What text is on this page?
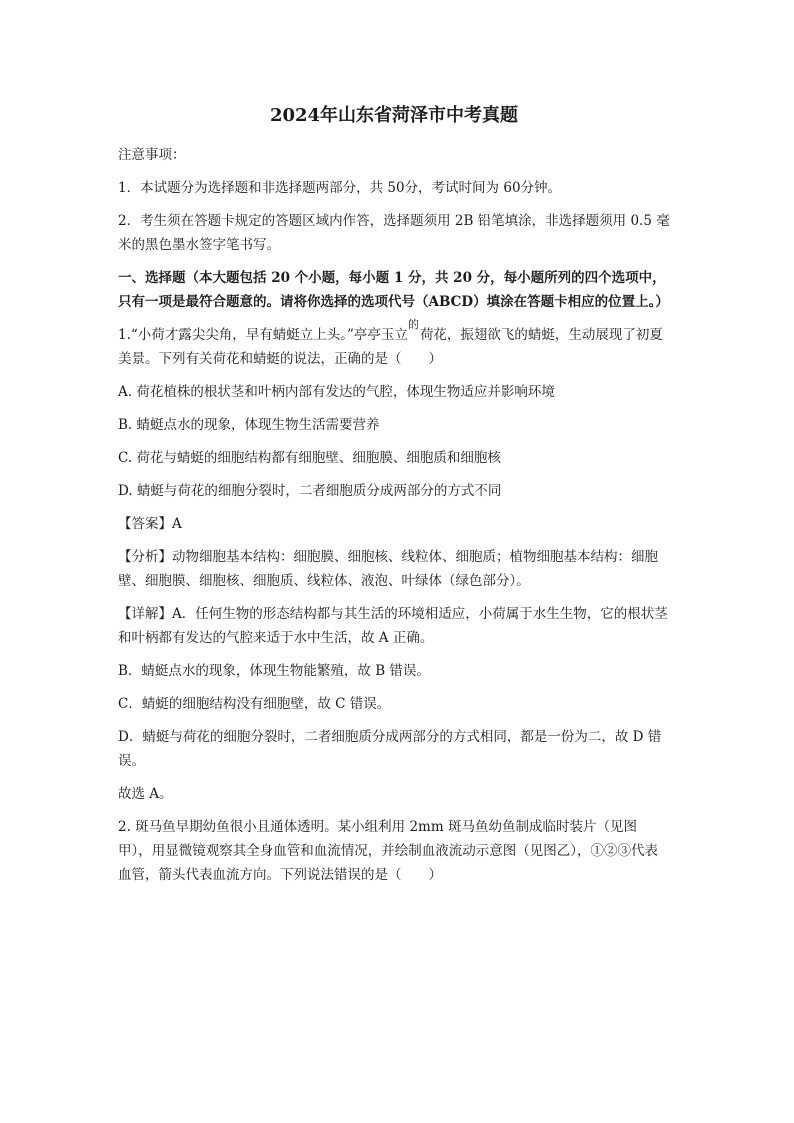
2024年山东省菏泽市中考真题
注意事项：
1．本试题分为选择题和非选择题两部分，共 50分，考试时间为 60分钟。
2．考生须在答题卡规定的答题区域内作答，选择题须用 2B 铅笔填涂，非选择题须用 0.5 毫米的黑色墨水签字笔书写。
一、选择题（本大题包括 20 个小题，每小题 1 分，共 20 分，每小题所列的四个选项中，只有一项是最符合题意的。请将你选择的选项代号（ABCD）填涂在答题卡相应的位置上。）
1.“小荷才露尖尖角，早有蜻蜓立上头。”亭亭玉立
的
荷花，振翅欲飞的蜻蜓，生动展现了初夏美景。下列有关荷花和蜻蜓的说法，正确的是（　　）
A. 荷花植株的根状茎和叶柄内部有发达的气腔，体现生物适应并影响环境
B. 蜻蜓点水的现象，体现生物生活需要营养
C. 荷花与蜻蜓的细胞结构都有细胞壁、细胞膜、细胞质和细胞核
D. 蜻蜓与荷花的细胞分裂时，二者细胞质分成两部分的方式不同
【答案】A
【分析】动物细胞基本结构：细胞膜、细胞核、线粒体、细胞质；植物细胞基本结构：细胞壁、细胞膜、细胞核、细胞质、线粒体、液泡、叶绿体（绿色部分）。
【详解】A．任何生物的形态结构都与其生活的环境相适应，小荷属于水生生物，它的根状茎和叶柄都有发达的气腔来适于水中生活，故 A 正确。
B．蜻蜓点水的现象，体现生物能繁殖，故 B 错误。
C．蜻蜓的细胞结构没有细胞壁，故 C 错误。
D．蜻蜓与荷花的细胞分裂时，二者细胞质分成两部分的方式相同，都是一份为二，故 D 错误。
故选 A。
2. 斑马鱼早期幼鱼很小且通体透明。某小组利用 2mm 斑马鱼幼鱼制成临时装片（见图甲），用显微镜观察其全身血管和血流情况，并绘制血液流动示意图（见图乙），①②③代表血管，箭头代表血流方向。下列说法错误的是（　　）
